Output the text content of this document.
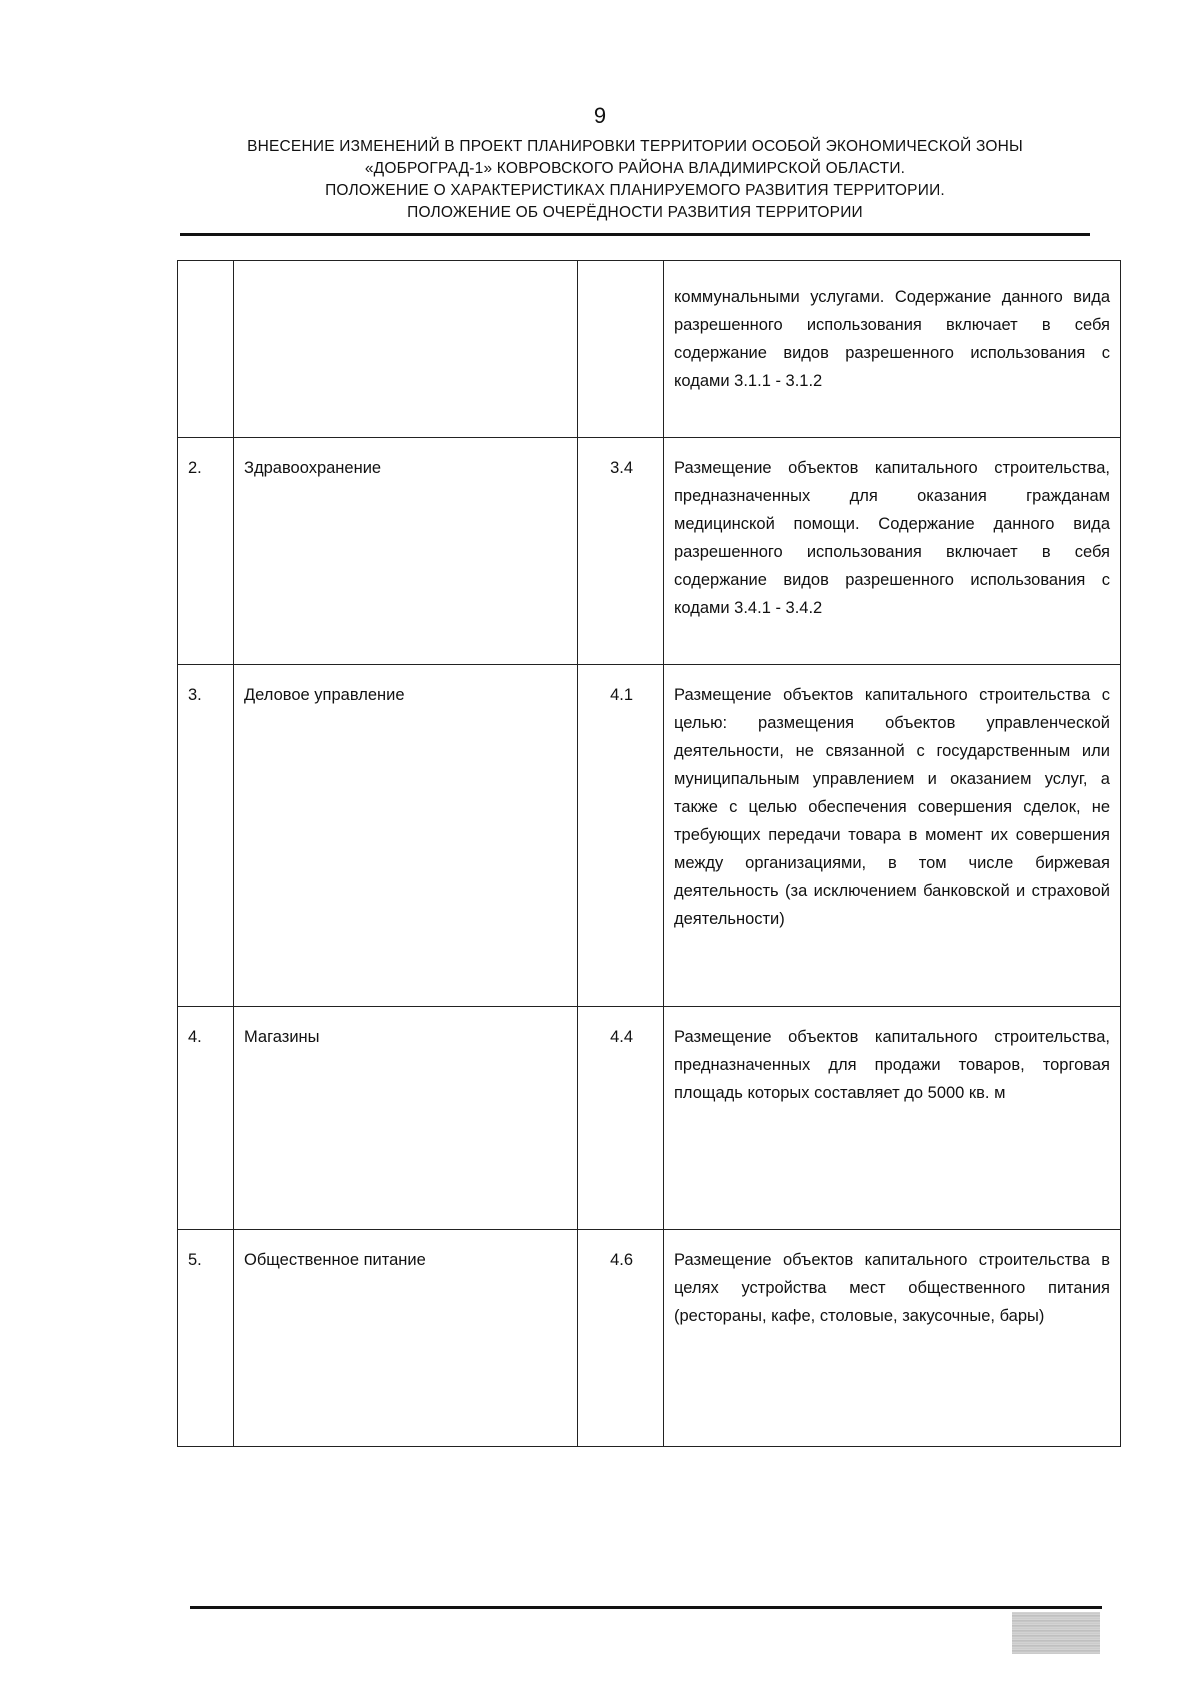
9
ВНЕСЕНИЕ ИЗМЕНЕНИЙ В ПРОЕКТ ПЛАНИРОВКИ ТЕРРИТОРИИ ОСОБОЙ ЭКОНОМИЧЕСКОЙ ЗОНЫ
«ДОБРОГРАД-1» КОВРОВСКОГО РАЙОНА ВЛАДИМИРСКОЙ ОБЛАСТИ.
ПОЛОЖЕНИЕ О ХАРАКТЕРИСТИКАХ ПЛАНИРУЕМОГО РАЗВИТИЯ ТЕРРИТОРИИ.
ПОЛОЖЕНИЕ ОБ ОЧЕРЁДНОСТИ РАЗВИТИЯ ТЕРРИТОРИИ
			коммунальными услугами. Содержание данного вида разрешенного использования включает в себя содержание видов разрешенного использования с кодами 3.1.1 - 3.1.2
2.	Здравоохранение	3.4	Размещение объектов капитального строительства, предназначенных для оказания гражданам медицинской помощи. Содержание данного вида разрешенного использования включает в себя содержание видов разрешенного использования с кодами 3.4.1 - 3.4.2
3.	Деловое управление	4.1	Размещение объектов капитального строительства с целью: размещения объектов управленческой деятельности, не связанной с государственным или муниципальным управлением и оказанием услуг, а также с целью обеспечения совершения сделок, не требующих передачи товара в момент их совершения между организациями, в том числе биржевая деятельность (за исключением банковской и страховой деятельности)
4.	Магазины	4.4	Размещение объектов капитального строительства, предназначенных для продажи товаров, торговая площадь которых составляет до 5000 кв. м
5.	Общественное питание	4.6	Размещение объектов капитального строительства в целях устройства мест общественного питания (рестораны, кафе, столовые, закусочные, бары)
